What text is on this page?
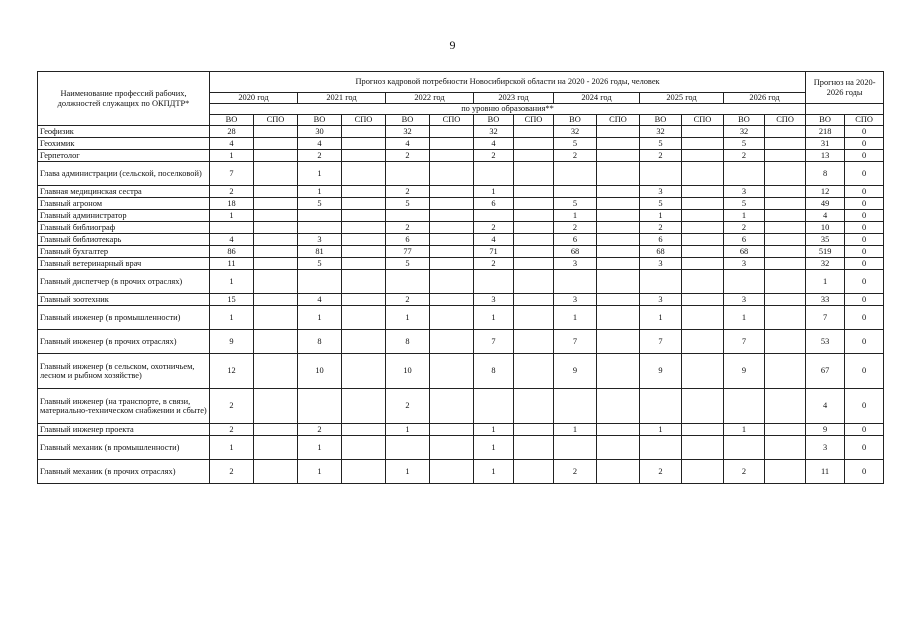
9
Наименование профессий рабочих, должностей служащих по ОКПДТР*	Прогноз кадровой потребности Новосибирской области на 2020 - 2026 годы, человек														Прогноз на 2020-2026 годы	
	2020 год		2021 год		2022 год		2023 год		2024 год		2025 год		2026 год			
	по уровню образования**															
	ВО	СПО	ВО	СПО	ВО	СПО	ВО	СПО	ВО	СПО	ВО	СПО	ВО	СПО	ВО	СПО
Геофизик	28		30		32		32		32		32		32		218	0
Геохимик	4		4		4		4		5		5		5		31	0
Герпетолог	1		2		2		2		2		2		2		13	0
Глава администрации (сельской, поселковой)	7		1												8	0
Главная медицинская сестра	2		1		2		1				3		3		12	0
Главный агроном	18		5		5		6		5		5		5		49	0
Главный администратор	1								1		1		1		4	0
Главный библиограф					2		2		2		2		2		10	0
Главный библиотекарь	4		3		6		4		6		6		6		35	0
Главный бухгалтер	86		81		77		71		68		68		68		519	0
Главный ветеринарный врач	11		5		5		2		3		3		3		32	0
Главный диспетчер (в прочих отраслях)	1														1	0
Главный зоотехник	15		4		2		3		3		3		3		33	0
Главный инженер (в промышленности)	1		1		1		1		1		1		1		7	0
Главный инженер (в прочих отраслях)	9		8		8		7		7		7		7		53	0
Главный инженер (в сельском, охотничьем, лесном и рыбном хозяйстве)	12		10		10		8		9		9		9		67	0
Главный инженер (на транспорте, в связи, материально-техническом снабжении и сбыте)	2				2										4	0
Главный инженер проекта	2		2		1		1		1		1		1		9	0
Главный механик (в промышленности)	1		1				1								3	0
Главный механик (в прочих отраслях)	2		1		1		1		2		2		2		11	0
